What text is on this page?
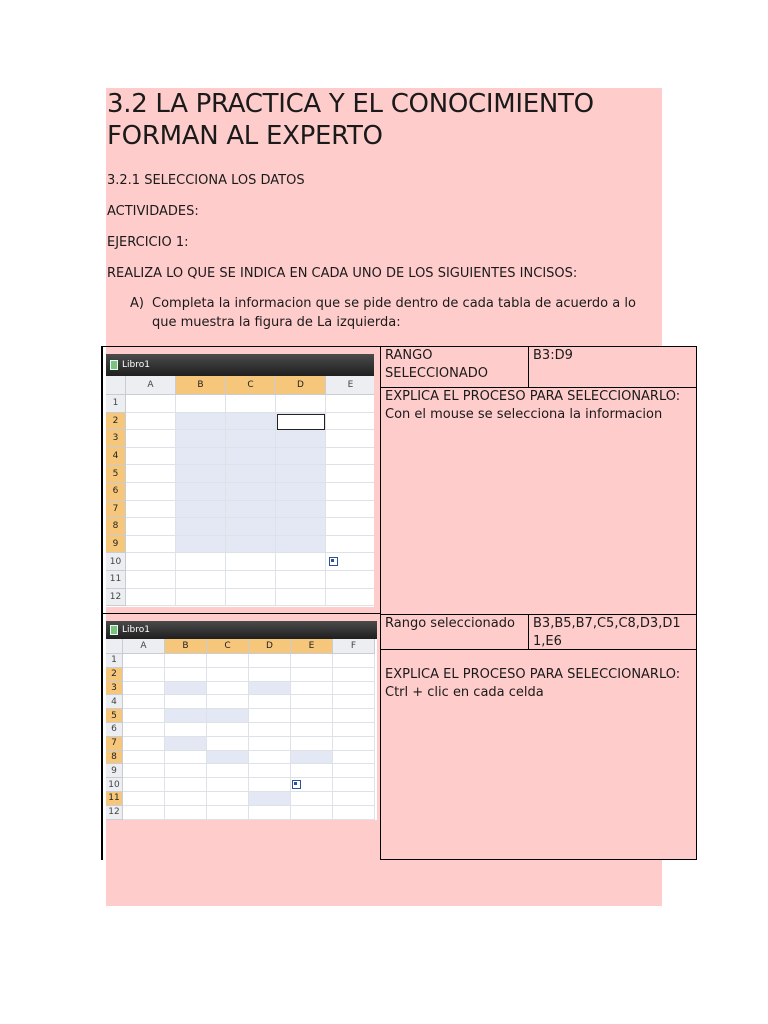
3.2 LA PRACTICA Y EL CONOCIMIENTO FORMAN AL EXPERTO
3.2.1 SELECCIONA LOS DATOS
ACTIVIDADES:
EJERCICIO 1:
REALIZA LO QUE SE INDICA EN CADA UNO DE LOS SIGUIENTES INCISOS:
A) Completa la informacion que se pide dentro de cada tabla de acuerdo a lo que muestra la figura de La izquierda:
Libro1
A	B	C	D	E
1
2
3
4
5
6
7
8
9
10
11
12
Libro1
A	B	C	D	E	F
1
2
3
4
5
6
7
8
9
10
11
12
RANGO SELECCIONADO
B3:D9
EXPLICA EL PROCESO PARA SELECCIONARLO:
Con el mouse se selecciona la informacion
Rango seleccionado	B3,B5,B7,C5,C8,D3,D1 1,E6
EXPLICA EL PROCESO PARA SELECCIONARLO:
Ctrl + clic en cada celda
